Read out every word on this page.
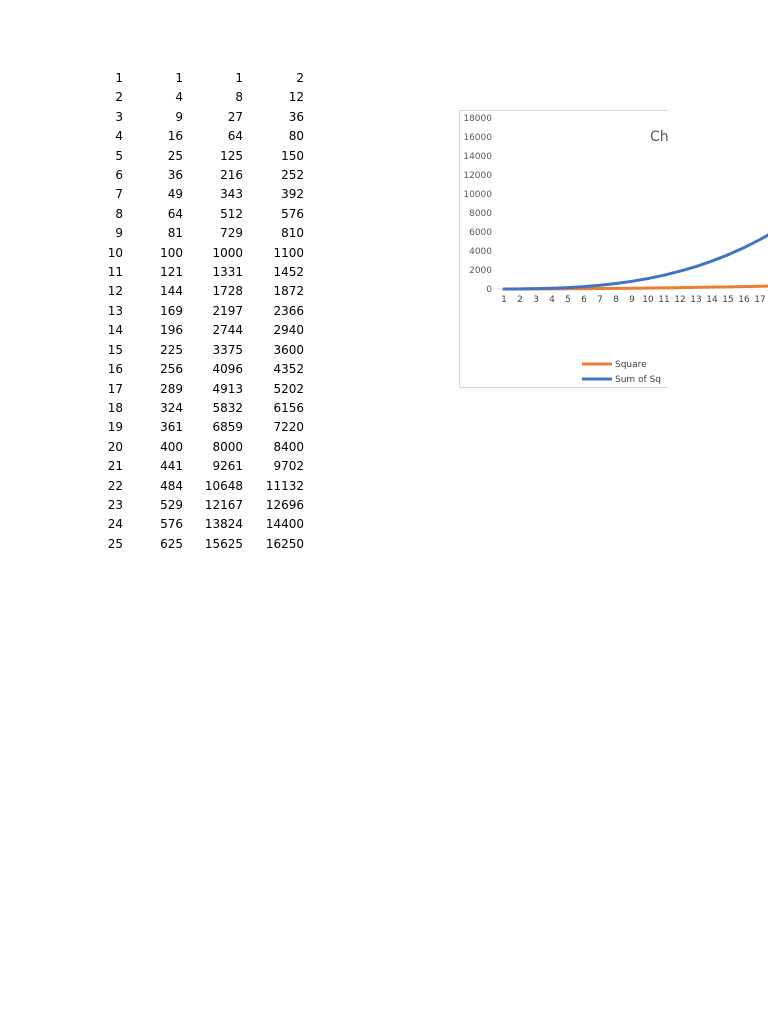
1	1	1	2
2	4	8	12
3	9	27	36
4	16	64	80
5	25	125	150
6	36	216	252
7	49	343	392
8	64	512	576
9	81	729	810
10	100	1000	1100
11	121	1331	1452
12	144	1728	1872
13	169	2197	2366
14	196	2744	2940
15	225	3375	3600
16	256	4096	4352
17	289	4913	5202
18	324	5832	6156
19	361	6859	7220
20	400	8000	8400
21	441	9261	9702
22	484	10648	11132
23	529	12167	12696
24	576	13824	14400
25	625	15625	16250
0
2000
4000
6000
8000
10000
12000
14000
16000
18000
1 2 3 4 5 6 7 8 9 10 11 12 13 14 15 16 17
Ch
Square
Sum of Sq
